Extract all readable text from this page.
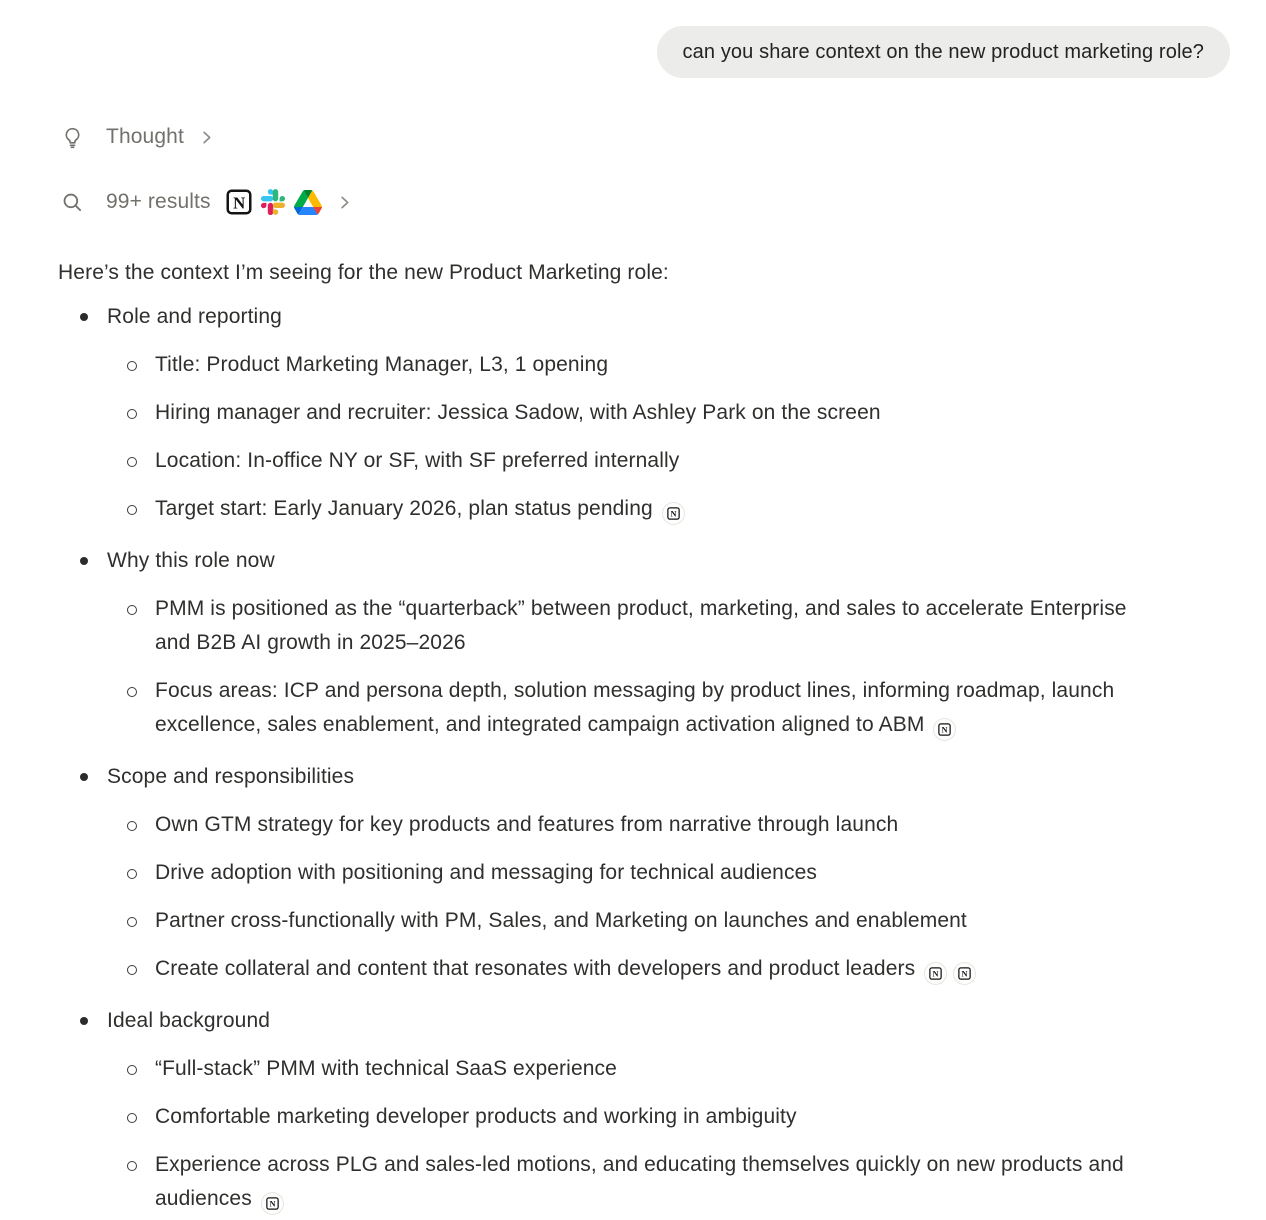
can you share context on the new product marketing role?
Thought
99+ results N
Here’s the context I’m seeing for the new Product Marketing role:
Role and reporting
Title: Product Marketing Manager, L3, 1 opening
Hiring manager and recruiter: Jessica Sadow, with Ashley Park on the screen
Location: In-office NY or SF, with SF preferred internally
Target start: Early January 2026, plan status pending N
Why this role now
PMM is positioned as the “quarterback” between product, marketing, and sales to accelerate Enterprise and B2B AI growth in 2025–2026
Focus areas: ICP and persona depth, solution messaging by product lines, informing roadmap, launch excellence, sales enablement, and integrated campaign activation aligned to ABM N
Scope and responsibilities
Own GTM strategy for key products and features from narrative through launch
Drive adoption with positioning and messaging for technical audiences
Partner cross-functionally with PM, Sales, and Marketing on launches and enablement
Create collateral and content that resonates with developers and product leaders N N
Ideal background
“Full-stack” PMM with technical SaaS experience
Comfortable marketing developer products and working in ambiguity
Experience across PLG and sales-led motions, and educating themselves quickly on new products and audiences N
